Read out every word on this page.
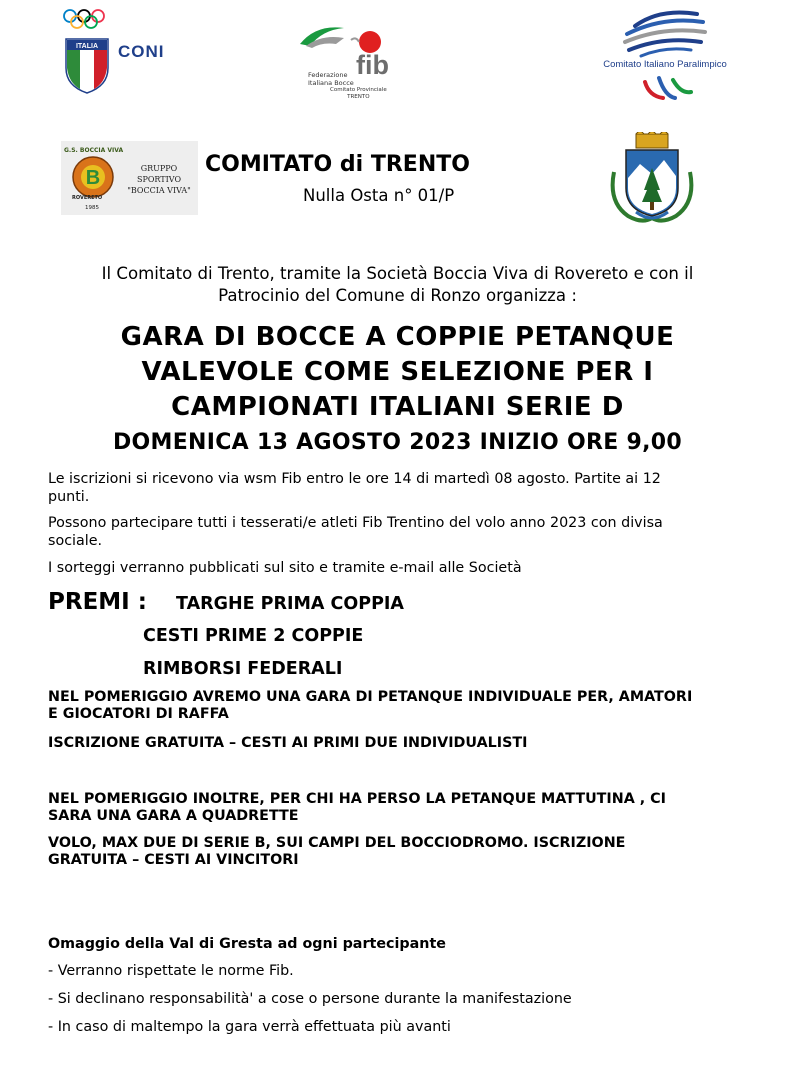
ITALIA CONI	fib
Federazione
Italiana Bocce
Comitato Provinciale
TRENTO
Comitato Italiano Paralimpico
G.S. BOCCIA VIVA
B
ROVERETO
1985
GRUPPO
SPORTIVO
"BOCCIA VIVA"
COMITATO di TRENTO
Nulla Osta n° 01/P
Il Comitato di Trento, tramite la Società Boccia Viva di Rovereto e con il
Patrocinio del Comune di Ronzo organizza :
GARA DI BOCCE A COPPIE PETANQUE
VALEVOLE COME SELEZIONE PER I
CAMPIONATI ITALIANI SERIE D
DOMENICA 13 AGOSTO 2023 INIZIO ORE 9,00
Le iscrizioni si ricevono via wsm Fib entro le ore 14 di martedì 08 agosto. Partite ai 12
punti.
Possono partecipare tutti i tesserati/e atleti Fib Trentino del volo anno 2023 con divisa
sociale.
I sorteggi verranno pubblicati sul sito e tramite e-mail alle Società
PREMI : TARGHE PRIMA COPPIA
CESTI PRIME 2 COPPIE
RIMBORSI FEDERALI
NEL POMERIGGIO AVREMO UNA GARA DI PETANQUE INDIVIDUALE PER, AMATORI
E GIOCATORI DI RAFFA
ISCRIZIONE GRATUITA – CESTI AI PRIMI DUE INDIVIDUALISTI
NEL POMERIGGIO INOLTRE, PER CHI HA PERSO LA PETANQUE MATTUTINA , CI
SARA UNA GARA A QUADRETTE
VOLO, MAX DUE DI SERIE B, SUI CAMPI DEL BOCCIODROMO. ISCRIZIONE
GRATUITA – CESTI AI VINCITORI
Omaggio della Val di Gresta ad ogni partecipante
- Verranno rispettate le norme Fib.
- Si declinano responsabilità' a cose o persone durante la manifestazione
- In caso di maltempo la gara verrà effettuata più avanti
